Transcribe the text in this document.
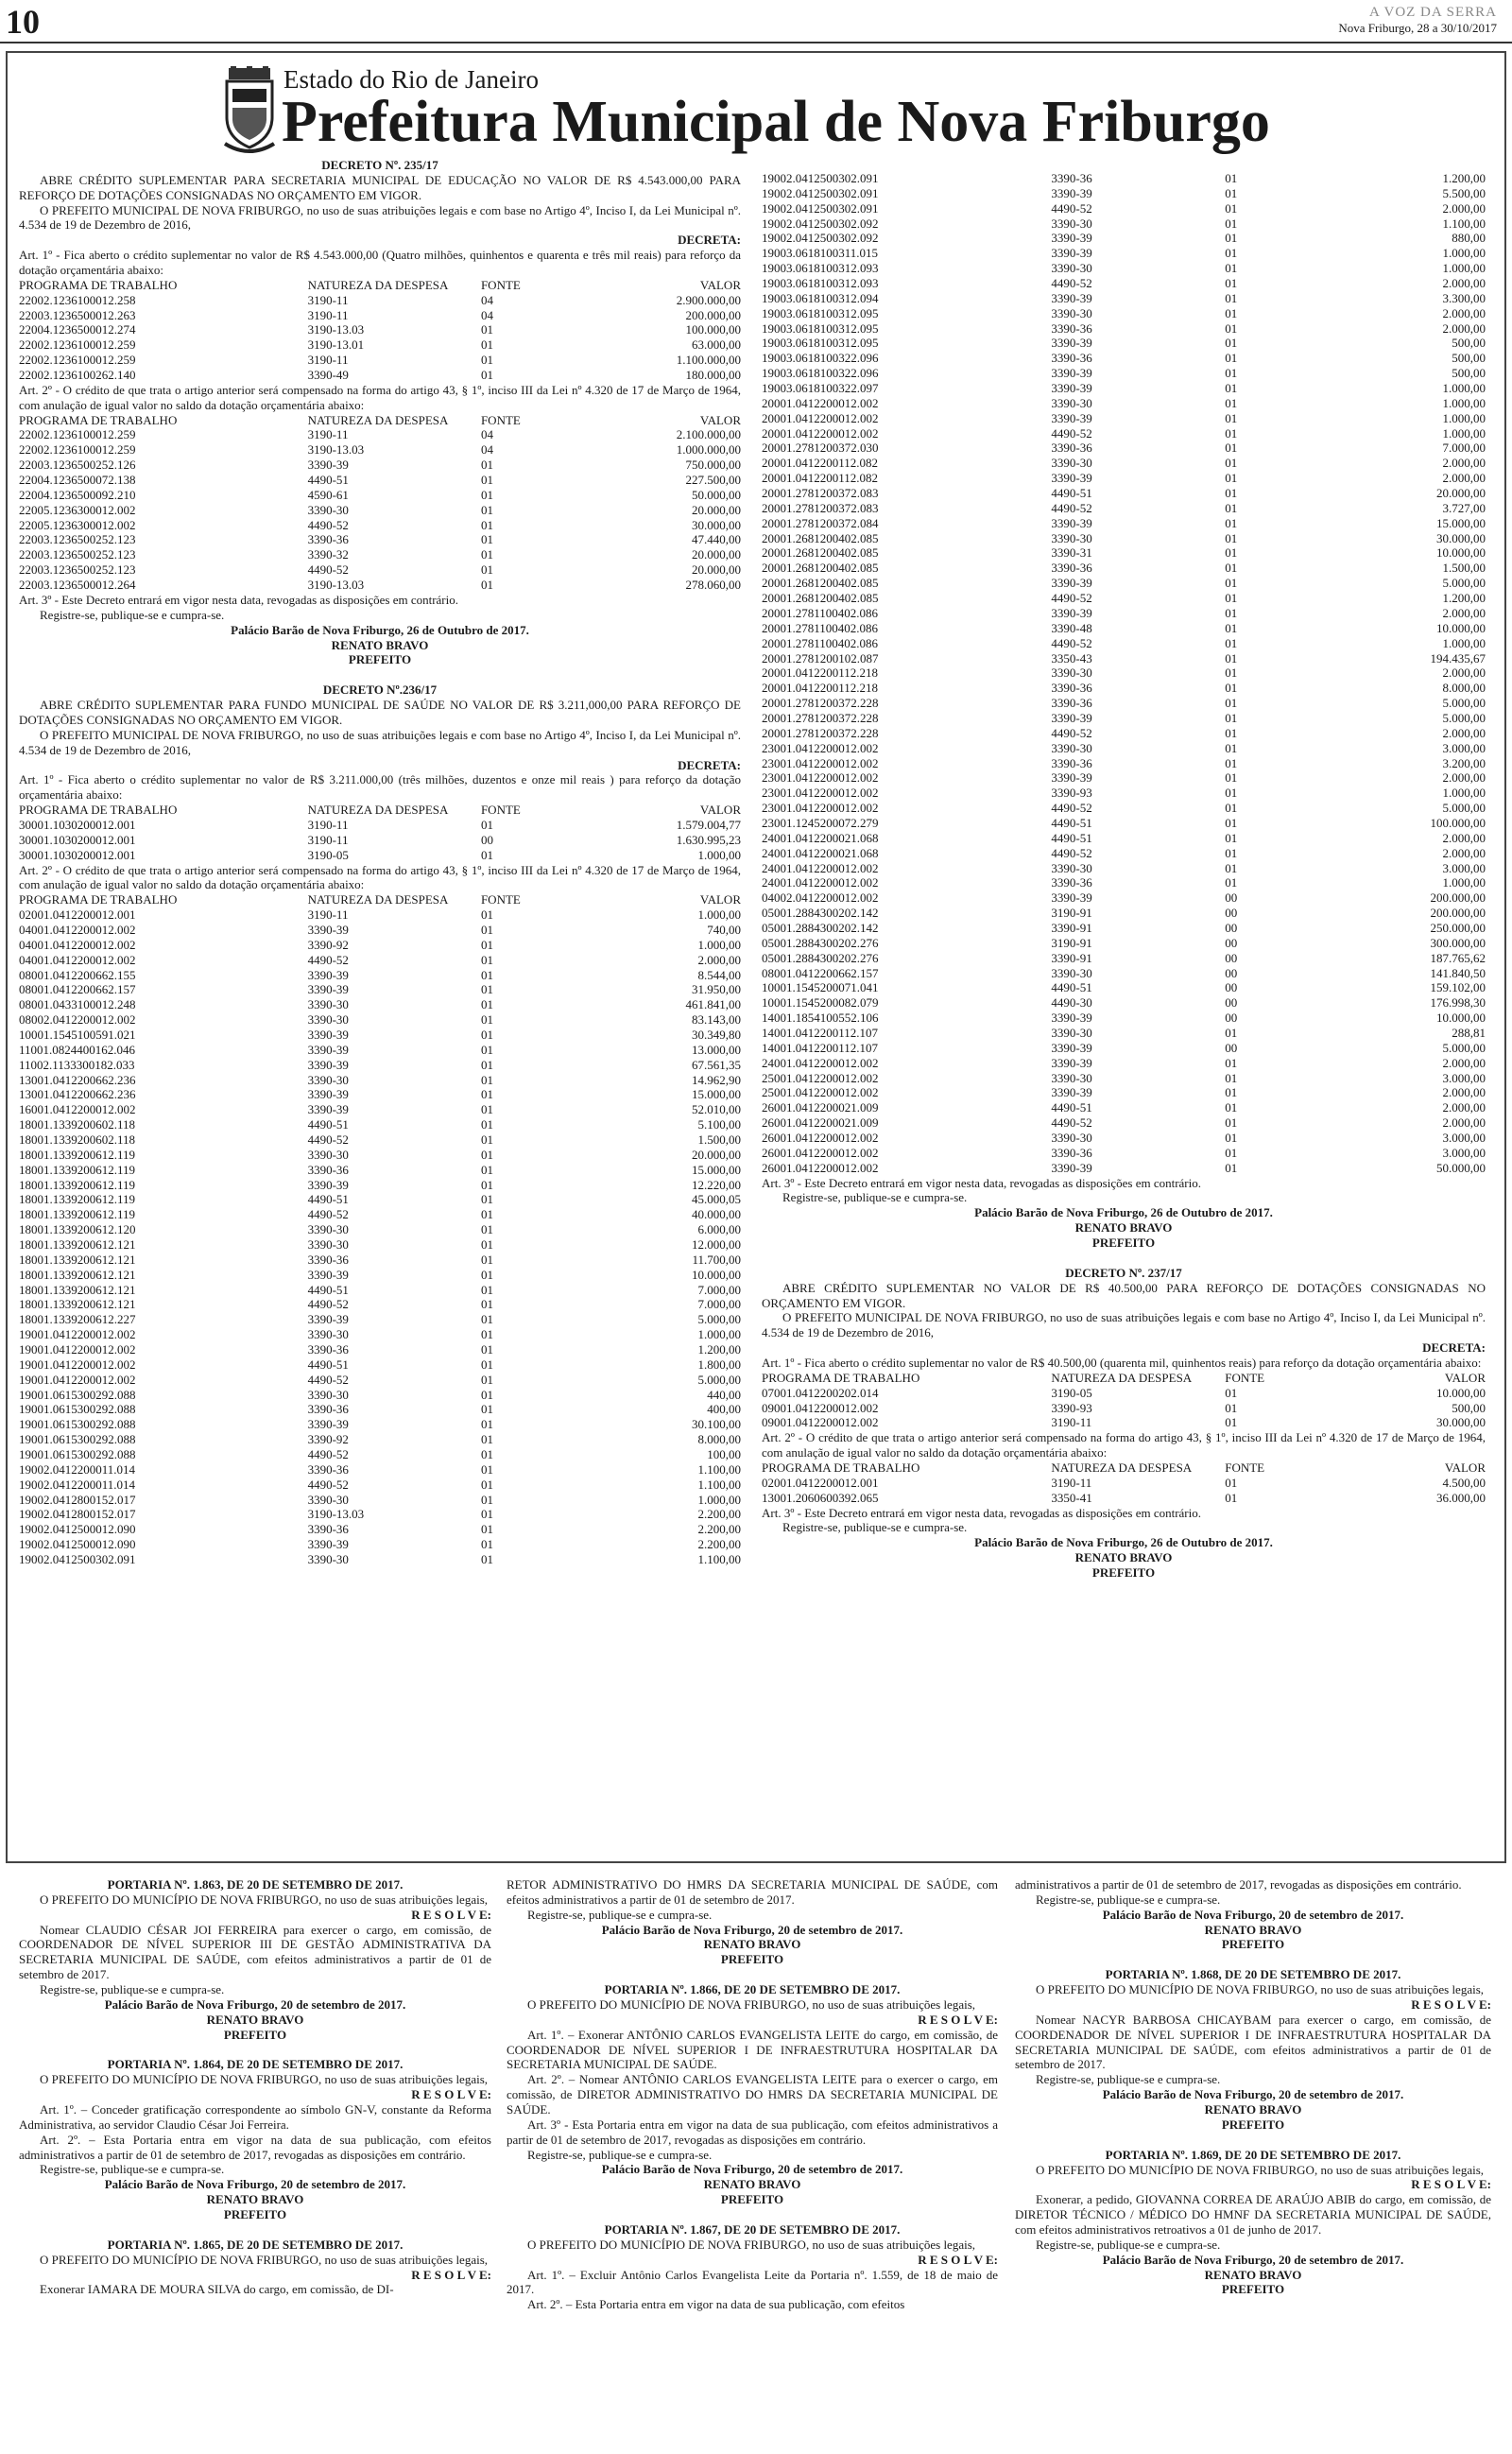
10	A VOZ DA SERRA
Nova Friburgo, 28 a 30/10/2017
Estado do Rio de Janeiro
Prefeitura Municipal de Nova Friburgo

DECRETO Nº. 235/17

ABRE CRÉDITO SUPLEMENTAR PARA SECRETARIA MUNICIPAL DE EDUCAÇÃO NO VALOR DE R$ 4.543.000,00 PARA REFORÇO DE DOTAÇÕES CONSIGNADAS NO ORÇAMENTO EM VIGOR.

O PREFEITO MUNICIPAL DE NOVA FRIBURGO, no uso de suas atribuições legais e com base no Artigo 4º, Inciso I, da Lei Municipal nº. 4.534 de 19 de Dezembro de 2016,

DECRETA:

Art. 1º - Fica aberto o crédito suplementar no valor de R$ 4.543.000,00 (Quatro milhões, quinhentos e quarenta e três mil reais) para reforço da dotação orçamentária abaixo:

PROGRAMA DE TRABALHO	NATUREZA DA DESPESA	FONTE	VALOR
22002.1236100012.258	3190-11	04	2.900.000,00
22003.1236500012.263	3190-11	04	200.000,00
22004.1236500012.274	3190-13.03	01	100.000,00
22002.1236100012.259	3190-13.01	01	63.000,00
22002.1236100012.259	3190-11	01	1.100.000,00
22002.1236100262.140	3390-49	01	180.000,00

Art. 2º - O crédito de que trata o artigo anterior será compensado na forma do artigo 43, § 1º, inciso III da Lei nº 4.320 de 17 de Março de 1964, com anulação de igual valor no saldo da dotação orçamentária abaixo:

PROGRAMA DE TRABALHO	NATUREZA DA DESPESA	FONTE	VALOR
22002.1236100012.259	3190-11	04	2.100.000,00
22002.1236100012.259	3190-13.03	04	1.000.000,00
22003.1236500252.126	3390-39	01	750.000,00
22004.1236500072.138	4490-51	01	227.500,00
22004.1236500092.210	4590-61	01	50.000,00
22005.1236300012.002	3390-30	01	20.000,00
22005.1236300012.002	4490-52	01	30.000,00
22003.1236500252.123	3390-36	01	47.440,00
22003.1236500252.123	3390-32	01	20.000,00
22003.1236500252.123	4490-52	01	20.000,00
22003.1236500012.264	3190-13.03	01	278.060,00

Art. 3º - Este Decreto entrará em vigor nesta data, revogadas as disposições em contrário.

Registre-se, publique-se e cumpra-se.

Palácio Barão de Nova Friburgo, 26 de Outubro de 2017.

RENATO BRAVO

PREFEITO

DECRETO Nº.236/17

ABRE CRÉDITO SUPLEMENTAR PARA FUNDO MUNICIPAL DE SAÚDE NO VALOR DE R$ 3.211,000,00 PARA REFORÇO DE DOTAÇÕES CONSIGNADAS NO ORÇAMENTO EM VIGOR.

O PREFEITO MUNICIPAL DE NOVA FRIBURGO, no uso de suas atribuições legais e com base no Artigo 4º, Inciso I, da Lei Municipal nº. 4.534 de 19 de Dezembro de 2016,

DECRETA:

Art. 1º - Fica aberto o crédito suplementar no valor de R$ 3.211.000,00 (três milhões, duzentos e onze mil reais ) para reforço da dotação orçamentária abaixo:

PROGRAMA DE TRABALHO	NATUREZA DA DESPESA	FONTE	VALOR
30001.1030200012.001	3190-11	01	1.579.004,77
30001.1030200012.001	3190-11	00	1.630.995,23
30001.1030200012.001	3190-05	01	1.000,00

Art. 2º - O crédito de que trata o artigo anterior será compensado na forma do artigo 43, § 1º, inciso III da Lei nº 4.320 de 17 de Março de 1964, com anulação de igual valor no saldo da dotação orçamentária abaixo:

PROGRAMA DE TRABALHO	NATUREZA DA DESPESA	FONTE	VALOR
02001.0412200012.001	3190-11	01	1.000,00
04001.0412200012.002	3390-39	01	740,00
04001.0412200012.002	3390-92	01	1.000,00
04001.0412200012.002	4490-52	01	2.000,00
08001.0412200662.155	3390-39	01	8.544,00
08001.0412200662.157	3390-39	01	31.950,00
08001.0433100012.248	3390-30	01	461.841,00
08002.0412200012.002	3390-30	01	83.143,00
10001.1545100591.021	3390-39	01	30.349,80
11001.0824400162.046	3390-39	01	13.000,00
11002.1133300182.033	3390-39	01	67.561,35
13001.0412200662.236	3390-30	01	14.962,90
13001.0412200662.236	3390-39	01	15.000,00
16001.0412200012.002	3390-39	01	52.010,00
18001.1339200602.118	4490-51	01	5.100,00
18001.1339200602.118	4490-52	01	1.500,00
18001.1339200612.119	3390-30	01	20.000,00
18001.1339200612.119	3390-36	01	15.000,00
18001.1339200612.119	3390-39	01	12.220,00
18001.1339200612.119	4490-51	01	45.000,05
18001.1339200612.119	4490-52	01	40.000,00
18001.1339200612.120	3390-30	01	6.000,00
18001.1339200612.121	3390-30	01	12.000,00
18001.1339200612.121	3390-36	01	11.700,00
18001.1339200612.121	3390-39	01	10.000,00
18001.1339200612.121	4490-51	01	7.000,00
18001.1339200612.121	4490-52	01	7.000,00
18001.1339200612.227	3390-39	01	5.000,00
19001.0412200012.002	3390-30	01	1.000,00
19001.0412200012.002	3390-36	01	1.200,00
19001.0412200012.002	4490-51	01	1.800,00
19001.0412200012.002	4490-52	01	5.000,00
19001.0615300292.088	3390-30	01	440,00
19001.0615300292.088	3390-36	01	400,00
19001.0615300292.088	3390-39	01	30.100,00
19001.0615300292.088	3390-92	01	8.000,00
19001.0615300292.088	4490-52	01	100,00
19002.0412200011.014	3390-36	01	1.100,00
19002.0412200011.014	4490-52	01	1.100,00
19002.0412800152.017	3390-30	01	1.000,00
19002.0412800152.017	3190-13.03	01	2.200,00
19002.0412500012.090	3390-36	01	2.200,00
19002.0412500012.090	3390-39	01	2.200,00
19002.0412500302.091	3390-30	01	1.100,00
19002.0412500302.091	3390-36	01	1.200,00
19002.0412500302.091	3390-39	01	5.500,00
19002.0412500302.091	4490-52	01	2.000,00
19002.0412500302.092	3390-30	01	1.100,00
19002.0412500302.092	3390-39	01	880,00
19003.0618100311.015	3390-39	01	1.000,00
19003.0618100312.093	3390-30	01	1.000,00
19003.0618100312.093	4490-52	01	2.000,00
19003.0618100312.094	3390-39	01	3.300,00
19003.0618100312.095	3390-30	01	2.000,00
19003.0618100312.095	3390-36	01	2.000,00
19003.0618100312.095	3390-39	01	500,00
19003.0618100322.096	3390-36	01	500,00
19003.0618100322.096	3390-39	01	500,00
19003.0618100322.097	3390-39	01	1.000,00
20001.0412200012.002	3390-30	01	1.000,00
20001.0412200012.002	3390-39	01	1.000,00
20001.0412200012.002	4490-52	01	1.000,00
20001.2781200372.030	3390-36	01	7.000,00
20001.0412200112.082	3390-30	01	2.000,00
20001.0412200112.082	3390-39	01	2.000,00
20001.2781200372.083	4490-51	01	20.000,00
20001.2781200372.083	4490-52	01	3.727,00
20001.2781200372.084	3390-39	01	15.000,00
20001.2681200402.085	3390-30	01	30.000,00
20001.2681200402.085	3390-31	01	10.000,00
20001.2681200402.085	3390-36	01	1.500,00
20001.2681200402.085	3390-39	01	5.000,00
20001.2681200402.085	4490-52	01	1.200,00
20001.2781100402.086	3390-39	01	2.000,00
20001.2781100402.086	3390-48	01	10.000,00
20001.2781100402.086	4490-52	01	1.000,00
20001.2781200102.087	3350-43	01	194.435,67
20001.0412200112.218	3390-30	01	2.000,00
20001.0412200112.218	3390-36	01	8.000,00
20001.2781200372.228	3390-36	01	5.000,00
20001.2781200372.228	3390-39	01	5.000,00
20001.2781200372.228	4490-52	01	2.000,00
23001.0412200012.002	3390-30	01	3.000,00
23001.0412200012.002	3390-36	01	3.200,00
23001.0412200012.002	3390-39	01	2.000,00
23001.0412200012.002	3390-93	01	1.000,00
23001.0412200012.002	4490-52	01	5.000,00
23001.1245200072.279	4490-51	01	100.000,00
24001.0412200021.068	4490-51	01	2.000,00
24001.0412200021.068	4490-52	01	2.000,00
24001.0412200012.002	3390-30	01	3.000,00
24001.0412200012.002	3390-36	01	1.000,00
04002.0412200012.002	3390-39	00	200.000,00
05001.2884300202.142	3190-91	00	200.000,00
05001.2884300202.142	3390-91	00	250.000,00
05001.2884300202.276	3190-91	00	300.000,00
05001.2884300202.276	3390-91	00	187.765,62
08001.0412200662.157	3390-30	00	141.840,50
10001.1545200071.041	4490-51	00	159.102,00
10001.1545200082.079	4490-30	00	176.998,30
14001.1854100552.106	3390-39	00	10.000,00
14001.0412200112.107	3390-30	01	288,81
14001.0412200112.107	3390-39	00	5.000,00
24001.0412200012.002	3390-39	01	2.000,00
25001.0412200012.002	3390-30	01	3.000,00
25001.0412200012.002	3390-39	01	2.000,00
26001.0412200021.009	4490-51	01	2.000,00
26001.0412200021.009	4490-52	01	2.000,00
26001.0412200012.002	3390-30	01	3.000,00
26001.0412200012.002	3390-36	01	3.000,00
26001.0412200012.002	3390-39	01	50.000,00

Art. 3º - Este Decreto entrará em vigor nesta data, revogadas as disposições em contrário.

Registre-se, publique-se e cumpra-se.

Palácio Barão de Nova Friburgo, 26 de Outubro de 2017.

RENATO BRAVO

PREFEITO

DECRETO Nº. 237/17

ABRE CRÉDITO SUPLEMENTAR NO VALOR DE R$ 40.500,00 PARA REFORÇO DE DOTAÇÕES CONSIGNADAS NO ORÇAMENTO EM VIGOR.

O PREFEITO MUNICIPAL DE NOVA FRIBURGO, no uso de suas atribuições legais e com base no Artigo 4º, Inciso I, da Lei Municipal nº. 4.534 de 19 de Dezembro de 2016,

DECRETA:

Art. 1º - Fica aberto o crédito suplementar no valor de R$ 40.500,00 (quarenta mil, quinhentos reais) para reforço da dotação orçamentária abaixo:

PROGRAMA DE TRABALHO	NATUREZA DA DESPESA	FONTE	VALOR
07001.0412200202.014	3190-05	01	10.000,00
09001.0412200012.002	3390-93	01	500,00
09001.0412200012.002	3190-11	01	30.000,00

Art. 2º - O crédito de que trata o artigo anterior será compensado na forma do artigo 43, § 1º, inciso III da Lei nº 4.320 de 17 de Março de 1964, com anulação de igual valor no saldo da dotação orçamentária abaixo:

PROGRAMA DE TRABALHO	NATUREZA DA DESPESA	FONTE	VALOR
02001.0412200012.001	3190-11	01	4.500,00
13001.2060600392.065	3350-41	01	36.000,00

Art. 3º - Este Decreto entrará em vigor nesta data, revogadas as disposições em contrário.

Registre-se, publique-se e cumpra-se.

Palácio Barão de Nova Friburgo, 26 de Outubro de 2017.

RENATO BRAVO

PREFEITO

PORTARIA Nº. 1.863, DE 20 DE SETEMBRO DE 2017.

O PREFEITO DO MUNICÍPIO DE NOVA FRIBURGO, no uso de suas atribuições legais,

R E S O L V E:

Nomear CLAUDIO CÉSAR JOI FERREIRA para exercer o cargo, em comissão, de COORDENADOR DE NÍVEL SUPERIOR III DE GESTÃO ADMINISTRATIVA DA SECRETARIA MUNICIPAL DE SAÚDE, com efeitos administrativos a partir de 01 de setembro de 2017.

Registre-se, publique-se e cumpra-se.

Palácio Barão de Nova Friburgo, 20 de setembro de 2017.

RENATO BRAVO

PREFEITO

PORTARIA Nº. 1.864, DE 20 DE SETEMBRO DE 2017.

O PREFEITO DO MUNICÍPIO DE NOVA FRIBURGO, no uso de suas atribuições legais,

R E S O L V E:

Art. 1º. – Conceder gratificação correspondente ao símbolo GN-V, constante da Reforma Administrativa, ao servidor Claudio César Joi Ferreira.

Art. 2º. – Esta Portaria entra em vigor na data de sua publicação, com efeitos administrativos a partir de 01 de setembro de 2017, revogadas as disposições em contrário.

Registre-se, publique-se e cumpra-se.

Palácio Barão de Nova Friburgo, 20 de setembro de 2017.

RENATO BRAVO

PREFEITO

PORTARIA Nº. 1.865, DE 20 DE SETEMBRO DE 2017.

O PREFEITO DO MUNICÍPIO DE NOVA FRIBURGO, no uso de suas atribuições legais,

R E S O L V E:

Exonerar IAMARA DE MOURA SILVA do cargo, em comissão, de DI-

RETOR ADMINISTRATIVO DO HMRS DA SECRETARIA MUNICIPAL DE SAÚDE, com efeitos administrativos a partir de 01 de setembro de 2017.

Registre-se, publique-se e cumpra-se.

Palácio Barão de Nova Friburgo, 20 de setembro de 2017.

RENATO BRAVO

PREFEITO

PORTARIA Nº. 1.866, DE 20 DE SETEMBRO DE 2017.

O PREFEITO DO MUNICÍPIO DE NOVA FRIBURGO, no uso de suas atribuições legais,

R E S O L V E:

Art. 1º. – Exonerar ANTÔNIO CARLOS EVANGELISTA LEITE do cargo, em comissão, de COORDENADOR DE NÍVEL SUPERIOR I DE INFRAESTRUTURA HOSPITALAR DA SECRETARIA MUNICIPAL DE SAÚDE.

Art. 2º. – Nomear ANTÔNIO CARLOS EVANGELISTA LEITE para o exercer o cargo, em comissão, de DIRETOR ADMINISTRATIVO DO HMRS DA SECRETARIA MUNICIPAL DE SAÚDE.

Art. 3º - Esta Portaria entra em vigor na data de sua publicação, com efeitos administrativos a partir de 01 de setembro de 2017, revogadas as disposições em contrário.

Registre-se, publique-se e cumpra-se.

Palácio Barão de Nova Friburgo, 20 de setembro de 2017.

RENATO BRAVO

PREFEITO

PORTARIA Nº. 1.867, DE 20 DE SETEMBRO DE 2017.

O PREFEITO DO MUNICÍPIO DE NOVA FRIBURGO, no uso de suas atribuições legais,

R E S O L V E:

Art. 1º. – Excluir Antônio Carlos Evangelista Leite da Portaria nº. 1.559, de 18 de maio de 2017.

Art. 2º. – Esta Portaria entra em vigor na data de sua publicação, com efeitos

administrativos a partir de 01 de setembro de 2017, revogadas as disposições em contrário.

Registre-se, publique-se e cumpra-se.

Palácio Barão de Nova Friburgo, 20 de setembro de 2017.

RENATO BRAVO

PREFEITO

PORTARIA Nº. 1.868, DE 20 DE SETEMBRO DE 2017.

O PREFEITO DO MUNICÍPIO DE NOVA FRIBURGO, no uso de suas atribuições legais,

R E S O L V E:

Nomear NACYR BARBOSA CHICAYBAM para exercer o cargo, em comissão, de COORDENADOR DE NÍVEL SUPERIOR I DE INFRAESTRUTURA HOSPITALAR DA SECRETARIA MUNICIPAL DE SAÚDE, com efeitos administrativos a partir de 01 de setembro de 2017.

Registre-se, publique-se e cumpra-se.

Palácio Barão de Nova Friburgo, 20 de setembro de 2017.

RENATO BRAVO

PREFEITO

PORTARIA Nº. 1.869, DE 20 DE SETEMBRO DE 2017.

O PREFEITO DO MUNICÍPIO DE NOVA FRIBURGO, no uso de suas atribuições legais,

R E S O L V E:

Exonerar, a pedido, GIOVANNA CORREA DE ARAÚJO ABIB do cargo, em comissão, de DIRETOR TÉCNICO / MÉDICO DO HMNF DA SECRETARIA MUNICIPAL DE SAÚDE, com efeitos administrativos retroativos a 01 de junho de 2017.

Registre-se, publique-se e cumpra-se.

Palácio Barão de Nova Friburgo, 20 de setembro de 2017.

RENATO BRAVO

PREFEITO
